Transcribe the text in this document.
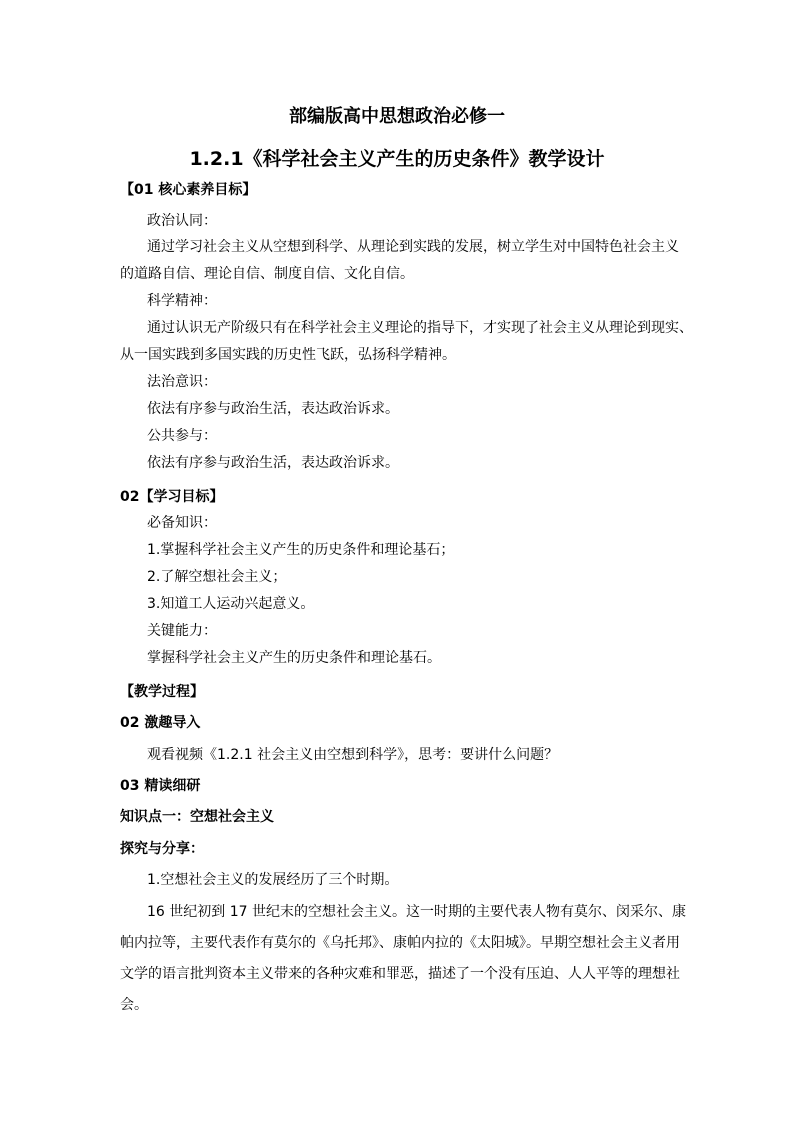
部编版高中思想政治必修一
1.2.1《科学社会主义产生的历史条件》教学设计
【01 核心素养目标】
政治认同：
通过学习社会主义从空想到科学、从理论到实践的发展，树立学生对中国特色社会主义
的道路自信、理论自信、制度自信、文化自信。
科学精神：
通过认识无产阶级只有在科学社会主义理论的指导下，才实现了社会主义从理论到现实、
从一国实践到多国实践的历史性飞跃，弘扬科学精神。
法治意识：
依法有序参与政治生活，表达政治诉求。
公共参与：
依法有序参与政治生活，表达政治诉求。
02【学习目标】
必备知识：
1.掌握科学社会主义产生的历史条件和理论基石；
2.了解空想社会主义；
3.知道工人运动兴起意义。
关键能力：
掌握科学社会主义产生的历史条件和理论基石。
【教学过程】
02 激趣导入
观看视频《1.2.1 社会主义由空想到科学》，思考：要讲什么问题？
03 精读细研
知识点一：空想社会主义
探究与分享：
1.空想社会主义的发展经历了三个时期。
16 世纪初到 17 世纪末的空想社会主义。这一时期的主要代表人物有莫尔、闵采尔、康
帕内拉等，主要代表作有莫尔的《乌托邦》、康帕内拉的《太阳城》。早期空想社会主义者用
文学的语言批判资本主义带来的各种灾难和罪恶，描述了一个没有压迫、人人平等的理想社
会。
